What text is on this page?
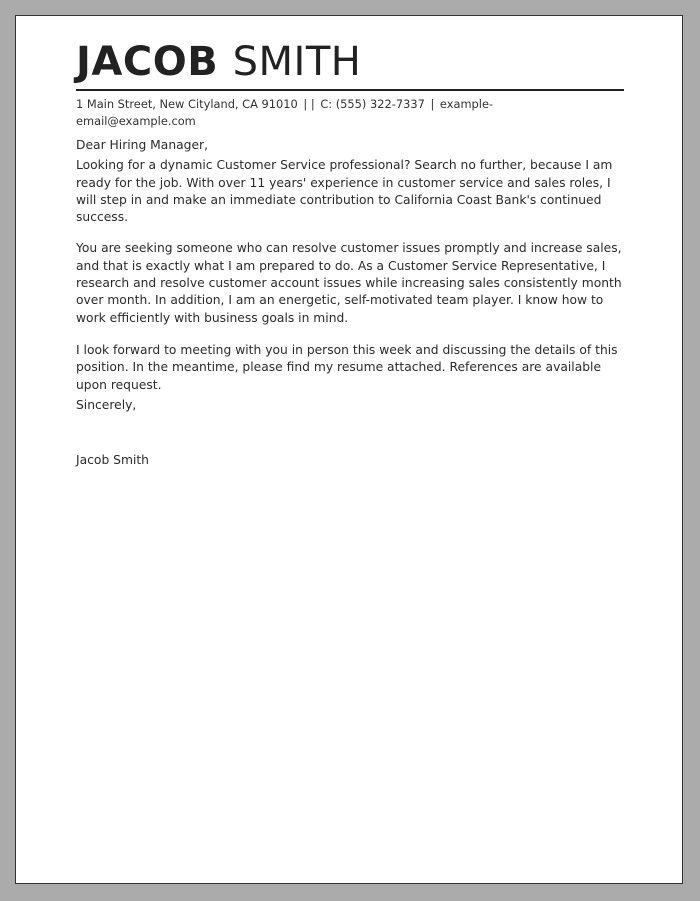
JACOB SMITH
1 Main Street, New Cityland, CA 91010 | | C: (555) 322-7337 | example-email@example.com

Dear Hiring Manager,

Looking for a dynamic Customer Service professional? Search no further, because I am ready for the job. With over 11 years' experience in customer service and sales roles, I will step in and make an immediate contribution to California Coast Bank's continued success.

You are seeking someone who can resolve customer issues promptly and increase sales, and that is exactly what I am prepared to do. As a Customer Service Representative, I research and resolve customer account issues while increasing sales consistently month over month. In addition, I am an energetic, self-motivated team player. I know how to work efficiently with business goals in mind.

I look forward to meeting with you in person this week and discussing the details of this position. In the meantime, please find my resume attached. References are available upon request.

Sincerely,

Jacob Smith
